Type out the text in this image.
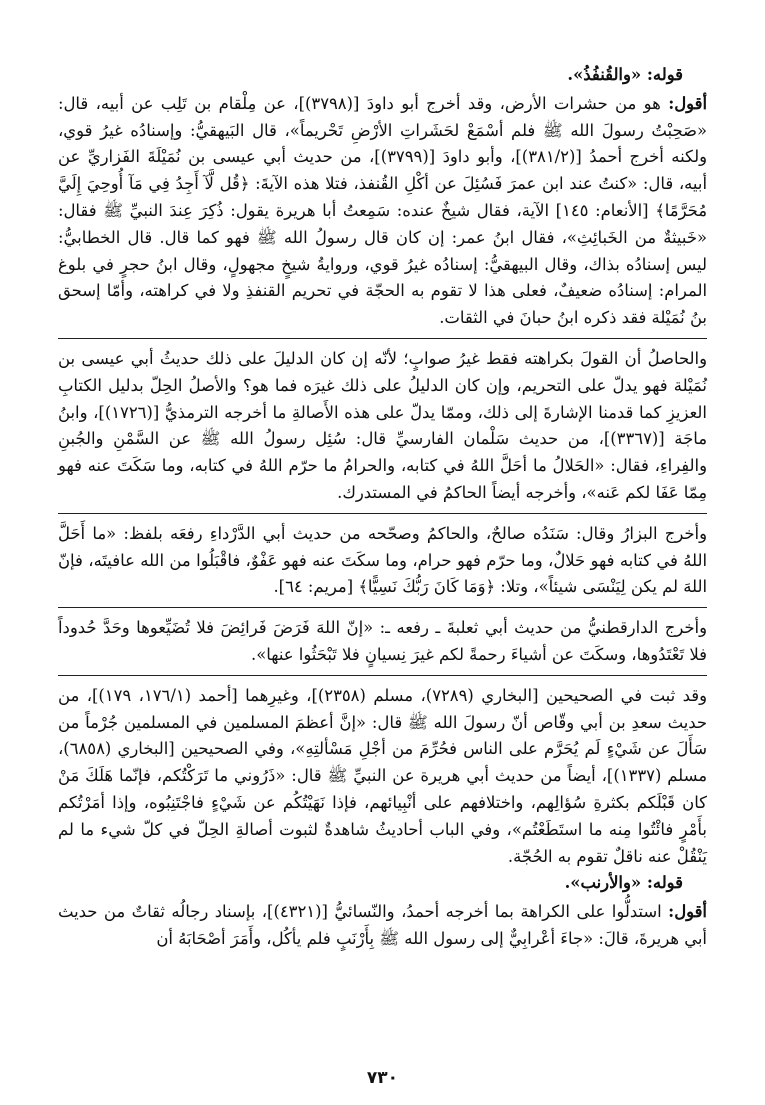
قوله: «والقُنفُذُ».

أقول: هو من حشرات الأرض، وقد أخرج أبو داودَ [(٣٧٩٨)]، عن مِلْقام بن تَلِب عن أبيه، قال: «صَحِبْتُ رسولَ الله ﷺ فلم أسْمَعْ لحَشَراتِ الأرْضِ تَحْريماً»، قال البَيهقيُّ: وإسنادُه غيرُ قوي، ولكنه أخرج أحمدُ [(٣٨١/٢)]، وأبو داودَ [(٣٧٩٩)]، من حديث أبي عيسى بن نُمَيْلَةَ الفَزاريِّ عن أبيه، قال: «كنتُ عند ابن عمرَ فَسُئِلَ عن أكْلِ القُنفذ، فتلا هذه الآيةَ: ﴿قُل لَّآ أَجِدُ فِي مَآ أُوحِيَ إِلَيَّ مُحَرَّمًا﴾ [الأنعام: ١٤٥] الآية، فقال شيخٌ عنده: سَمِعتُ أبا هريرة يقول: ذُكِرَ عِندَ النبيِّ ﷺ فقال: «خَبيثةٌ من الخَبائِثِ»، فقال ابنُ عمر: إن كان قال رسولُ الله ﷺ فهو كما قال. قال الخطابيُّ: ليس إسنادُه بذاك، وقال البيهقيُّ: إسنادُه غيرُ قوي، وروايةُ شيخٍ مجهولٍ، وقال ابنُ حجرٍ في بلوغ المرام: إسنادُه ضعيفٌ، فعلى هذا لا تقوم به الحجّة في تحريم القنفذِ ولا في كراهته، وأمّا إسحق بنُ نُمَيْلة فقد ذكره ابنُ حبانَ في الثقات.

والحاصلُ أن القولَ بكراهته فقط غيرُ صوابٍ؛ لأنّه إن كان الدليلَ على ذلك حديثُ أبي عيسى بن نُمَيْلة فهو يدلّ على التحريم، وإن كان الدليلُ على ذلك غيرَه فما هو؟ والأصلُ الحِلّ بدليل الكتابِ العزيزِ كما قدمنا الإشارةَ إلى ذلك، وممّا يدلّ على هذه الأَصالةِ ما أخرجه الترمذيُّ [(١٧٢٦)]، وابنُ ماجَة [(٣٣٦٧)]، من حديث سَلْمان الفارسيِّ قال: سُئِل رسولُ الله ﷺ عن السَّمْنِ والجُبنِ والفِراءِ، فقال: «الحَلالُ ما أحَلَّ اللهُ في كتابه، والحرامُ ما حرّم اللهُ في كتابه، وما سَكَتَ عنه فهو مِمّا عَفَا لكم عَنه»، وأخرجه أيضاً الحاكمُ في المستدرك.

وأخرج البزارُ وقال: سَنَدُه صالحٌ، والحاكمُ وصحّحه من حديث أبي الدَّرْداءِ رفعَه بلفظ: «ما أَحَلَّ اللهُ في كتابه فهو حَلالٌ، وما حرّم فهو حرام، وما سكَتَ عنه فهو عَفْوٌ، فاقْبَلُوا من الله عافيتَه، فإنّ اللهَ لم يكن لِيَنْسَى شيئاً»، وتلا: ﴿وَمَا كَانَ رَبُّكَ نَسِيًّا﴾ [مريم: ٦٤].

وأخرج الدارقطنيُّ من حديث أبي ثعلبةَ ـ رفعه ـ: «إنّ اللهَ فَرَضَ فَرائِضَ فلا تُضَيِّعوها وحَدَّ حُدوداً فلا تَعْتَدُوها، وسكَتَ عن أشياءَ رحمةً لكم غيرَ نِسيانٍ فلا تَبْحَثُوا عنها».

وقد ثبت في الصحيحين [البخاري (٧٢٨٩)، مسلم (٢٣٥٨)]، وغيرِهما [أحمد (١٧٦/١، ١٧٩)]، من حديث سعدِ بن أبي وقّاص أنّ رسولَ الله ﷺ قال: «إنَّ أعظمَ المسلمين في المسلمين جُرْماً من سَأَلَ عن شَيْءٍ لَم يُحَرَّم على الناس فحُرِّمَ من أجْلِ مَسْألتِهِ»، وفي الصحيحين [البخاري (٦٨٥٨)، مسلم (١٣٣٧)]، أيضاً من حديث أبي هريرة عن النبيِّ ﷺ قال: «ذَرُوني ما تَرَكْتُكم، فإنّما هَلَكَ مَنْ كان قَبْلَكم بكثرةِ سُؤالِهم، واختلافهم على أنْبِيائهم، فإذا نَهَيْتُكُم عن شَيْءٍ فاجْتَنِبُوه، وإذا أمَرْتُكم بأَمْرٍ فائْتُوا مِنه ما استَطَعْتُم»، وفي الباب أحاديثُ شاهدةٌ لثبوت أصالةِ الحِلّ في كلّ شيء ما لم يَنْقُلْ عنه ناقلٌ تقوم به الحُجّة.

قوله: «والأرنب».

أقول: استدلُّوا على الكراهة بما أخرجه أحمدُ، والنّسائيُّ [(٤٣٢١)]، بإسناد رجالُه ثقاتٌ من حديث أبي هريرةَ، قالَ: «جاءَ أعْرابِيٌّ إلى رسول الله ﷺ بِأَرْنَبٍ فلم يأكُل، وأَمَرَ أصْحَابَهُ أن

٧٣٠
